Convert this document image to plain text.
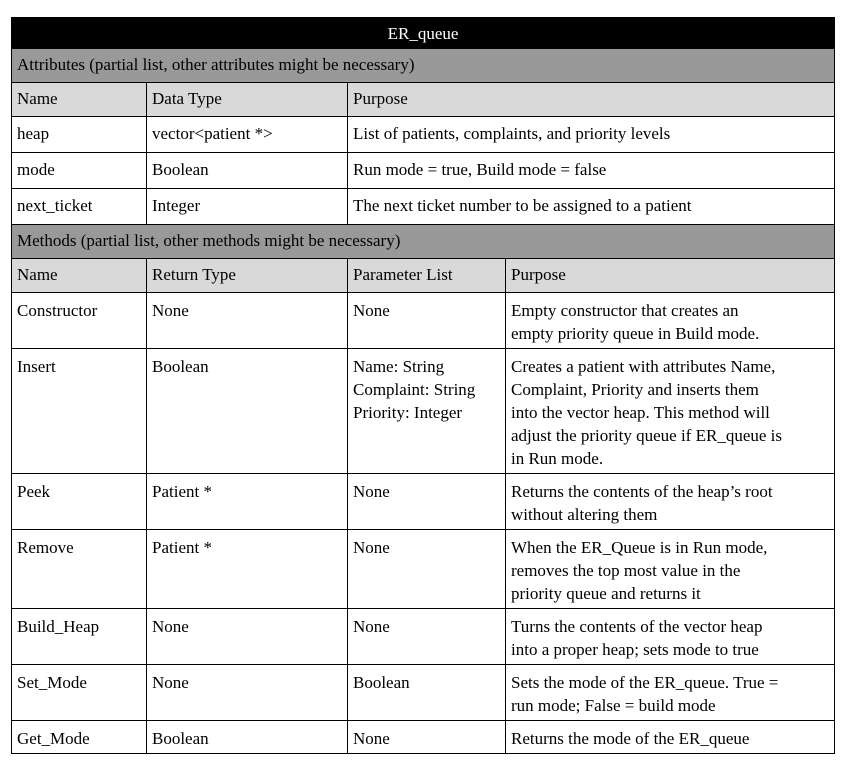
ER_queue			
Attributes (partial list, other attributes might be necessary)			
Name	Data Type	Purpose	
heap	vector<patient *>	List of patients, complaints, and priority levels	
mode	Boolean	Run mode = true, Build mode = false	
next_ticket	Integer	The next ticket number to be assigned to a patient	
Methods (partial list, other methods might be necessary)			
Name	Return Type	Parameter List	Purpose
Constructor	None	None	Empty constructor that creates an
empty priority queue in Build mode.

Insert	Boolean	Name: String
Complaint: String
Priority: Integer	Creates a patient with attributes Name,
Complaint, Priority and inserts them
into the vector heap. This method will
adjust the priority queue if ER_queue is
in Run mode.

Peek	Patient *	None	Returns the contents of the heap’s root
without altering them

Remove	Patient *	None	When the ER_Queue is in Run mode,
removes the top most value in the
priority queue and returns it

Build_Heap	None	None	Turns the contents of the vector heap
into a proper heap; sets mode to true

Set_Mode	None	Boolean	Sets the mode of the ER_queue. True =
run mode; False = build mode

Get_Mode	Boolean	None	Returns the mode of the ER_queue
